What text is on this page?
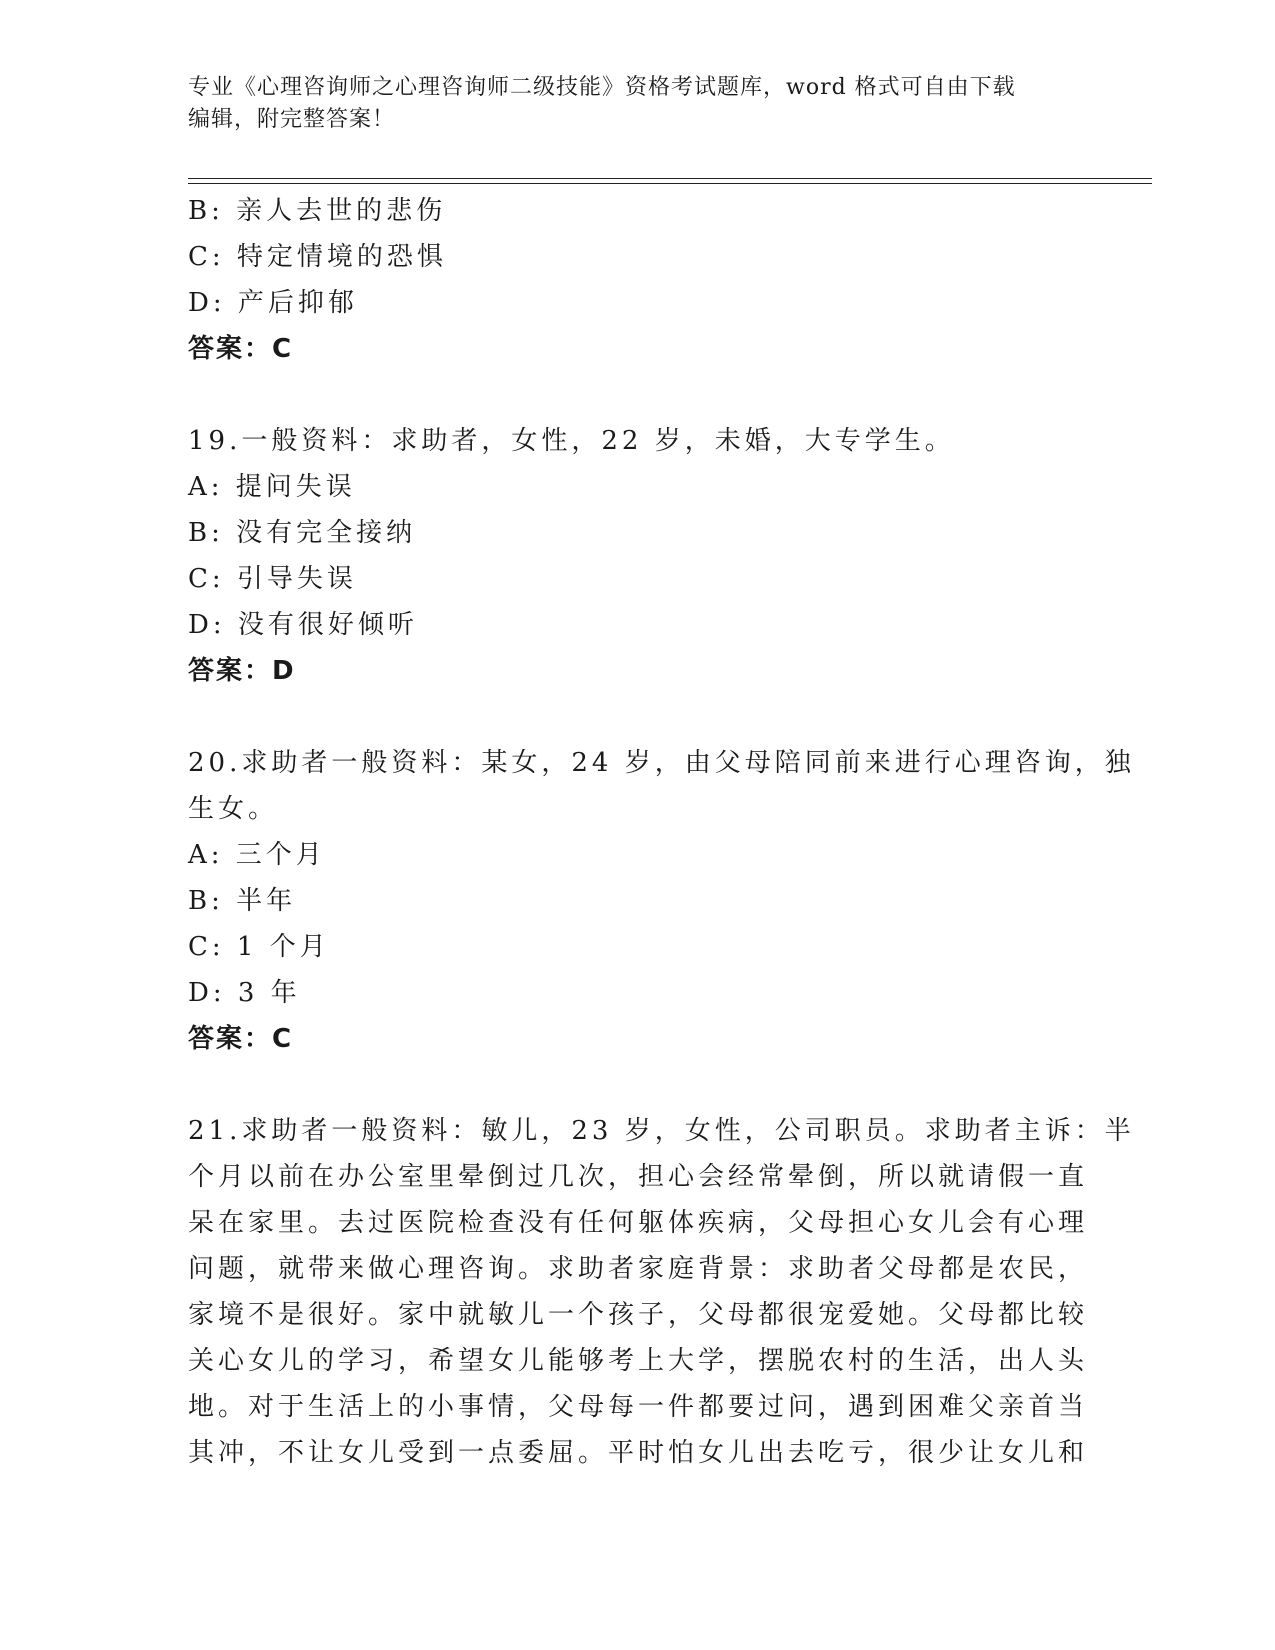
专业《心理咨询师之心理咨询师二级技能》资格考试题库，word 格式可自由下载
编辑，附完整答案！
B: 亲人去世的悲伤
C: 特定情境的恐惧
D: 产后抑郁
答案：C
19.一般资料：求助者，女性，22 岁，未婚，大专学生。
A: 提问失误
B: 没有完全接纳
C: 引导失误
D: 没有很好倾听
答案：D
20.求助者一般资料：某女，24 岁，由父母陪同前来进行心理咨询，独
生女。
A: 三个月
B: 半年
C: 1 个月
D: 3 年
答案：C
21.求助者一般资料：敏儿，23 岁，女性，公司职员。求助者主诉：半
个月以前在办公室里晕倒过几次，担心会经常晕倒，所以就请假一直
呆在家里。去过医院检查没有任何躯体疾病，父母担心女儿会有心理
问题，就带来做心理咨询。求助者家庭背景：求助者父母都是农民，
家境不是很好。家中就敏儿一个孩子，父母都很宠爱她。父母都比较
关心女儿的学习，希望女儿能够考上大学，摆脱农村的生活，出人头
地。对于生活上的小事情，父母每一件都要过问，遇到困难父亲首当
其冲，不让女儿受到一点委屈。平时怕女儿出去吃亏，很少让女儿和
